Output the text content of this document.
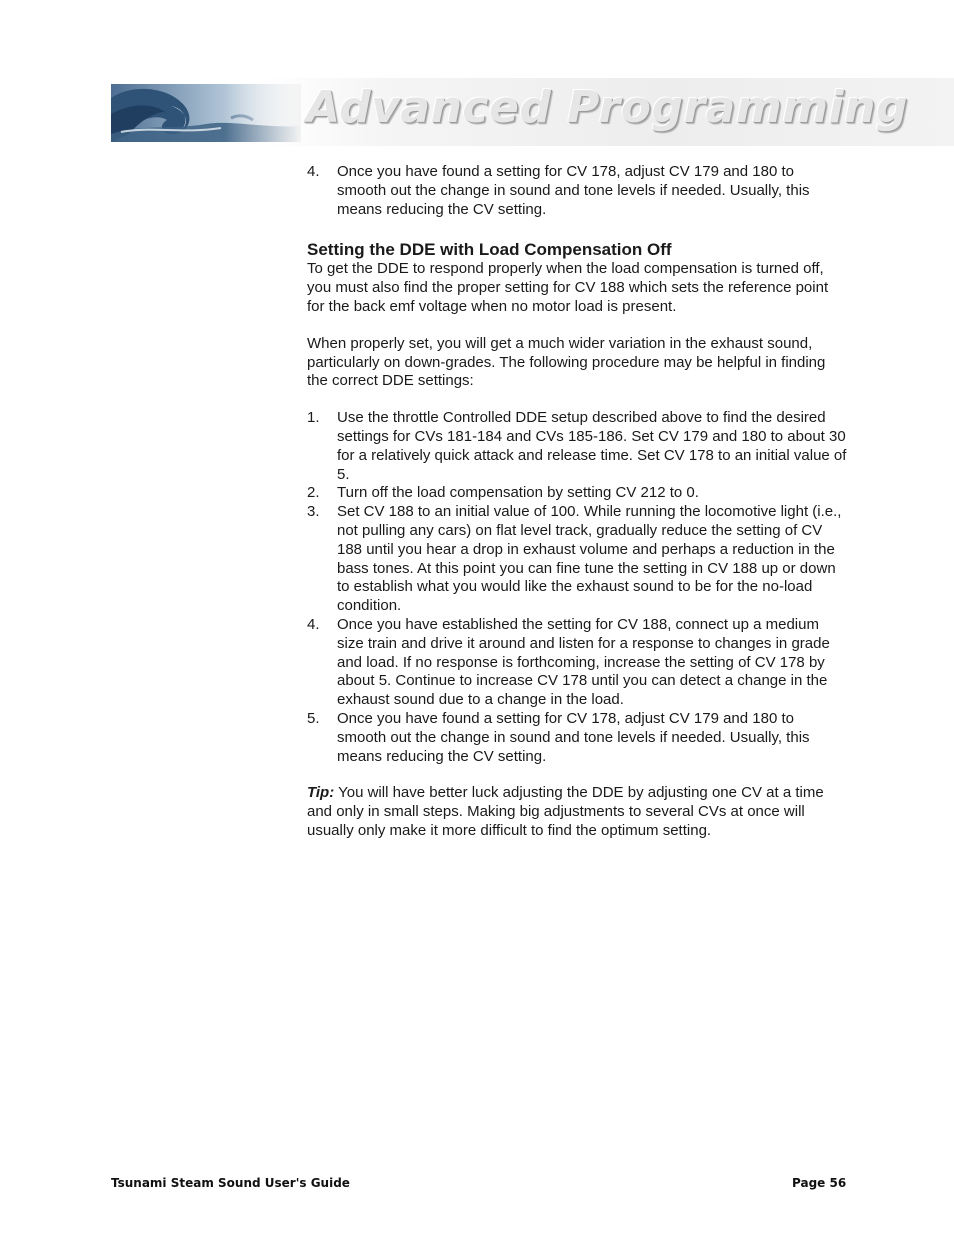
Advanced Programming
4. Once you have found a setting for CV 178, adjust CV 179 and 180 to smooth out the change in sound and tone levels if needed. Usually, this means reducing the CV setting.
Setting the DDE with Load Compensation Off

To get the DDE to respond properly when the load compensation is turned off, you must also find the proper setting for CV 188 which sets the reference point for the back emf voltage when no motor load is present.

When properly set, you will get a much wider variation in the exhaust sound, particularly on down-grades. The following procedure may be helpful in finding the correct DDE settings:

1. Use the throttle Controlled DDE setup described above to find the desired settings for CVs 181-184 and CVs 185-186. Set CV 179 and 180 to about 30 for a relatively quick attack and release time. Set CV 178 to an initial value of 5.
2. Turn off the load compensation by setting CV 212 to 0.
3. Set CV 188 to an initial value of 100. While running the locomotive light (i.e., not pulling any cars) on flat level track, gradually reduce the setting of CV 188 until you hear a drop in exhaust volume and perhaps a reduction in the bass tones. At this point you can fine tune the setting in CV 188 up or down to establish what you would like the exhaust sound to be for the no-load condition.
4. Once you have established the setting for CV 188, connect up a medium size train and drive it around and listen for a response to changes in grade and load. If no response is forthcoming, increase the setting of CV 178 by about 5. Continue to increase CV 178 until you can detect a change in the exhaust sound due to a change in the load.
5. Once you have found a setting for CV 178, adjust CV 179 and 180 to smooth out the change in sound and tone levels if needed. Usually, this means reducing the CV setting.

Tip: You will have better luck adjusting the DDE by adjusting one CV at a time and only in small steps. Making big adjustments to several CVs at once will usually only make it more difficult to find the optimum setting.

Tsunami Steam Sound User's Guide	Page 56
